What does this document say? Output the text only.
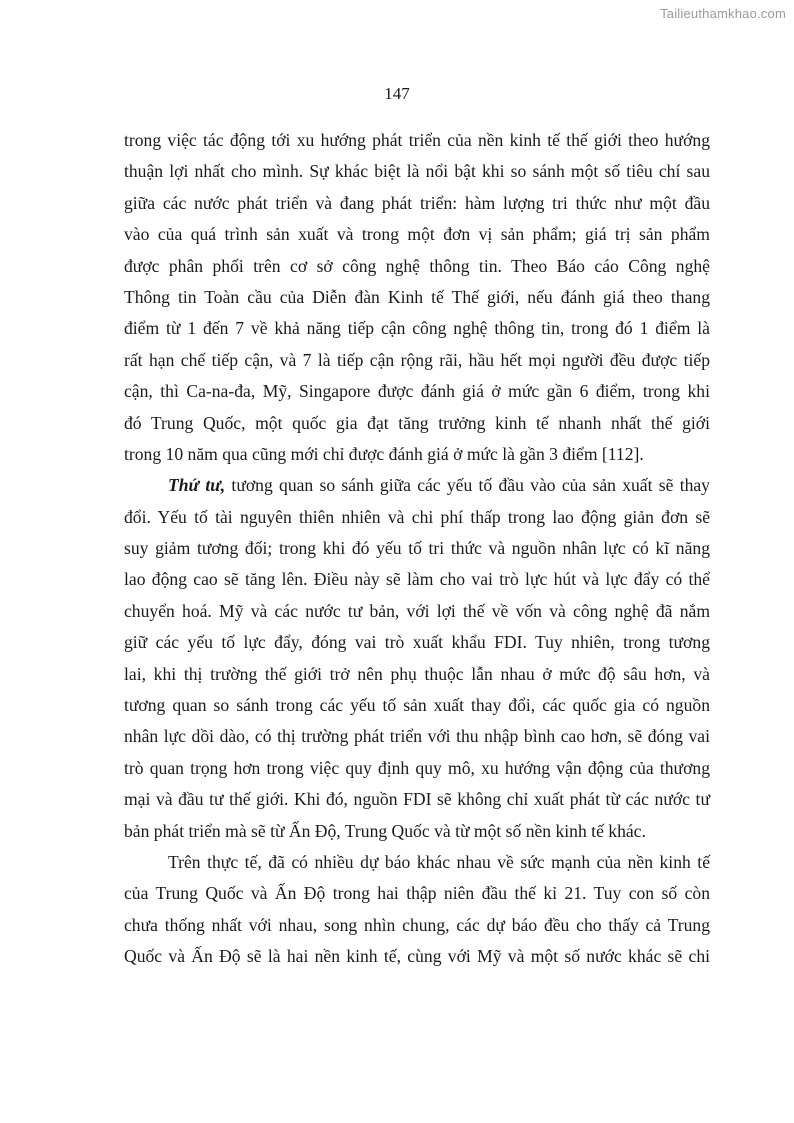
Tailieuthamkhao.com
147
trong việc tác động tới xu hướng phát triển của nền kinh tế thế giới theo hướng
thuận lợi nhất cho mình. Sự khác biệt là nổi bật khi so sánh một số tiêu chí sau
giữa các nước phát triển và đang phát triển: hàm lượng tri thức như một đầu
vào của quá trình sản xuất và trong một đơn vị sản phẩm; giá trị sản phẩm
được phân phối trên cơ sở công nghệ thông tin. Theo Báo cáo Công nghệ
Thông tin Toàn cầu của Diễn đàn Kinh tế Thế giới, nếu đánh giá theo thang
điểm từ 1 đến 7 về khả năng tiếp cận công nghệ thông tin, trong đó 1 điểm là
rất hạn chế tiếp cận, và 7 là tiếp cận rộng rãi, hầu hết mọi người đều được tiếp
cận, thì Ca-na-đa, Mỹ, Singapore được đánh giá ở mức gần 6 điểm, trong khi
đó Trung Quốc, một quốc gia đạt tăng trưởng kinh tế nhanh nhất thế giới
trong 10 năm qua cũng mới chỉ được đánh giá ở mức là gần 3 điểm [112].
Thứ tư, tương quan so sánh giữa các yếu tố đầu vào của sản xuất sẽ thay
đổi. Yếu tố tài nguyên thiên nhiên và chi phí thấp trong lao động giản đơn sẽ
suy giảm tương đối; trong khi đó yếu tố tri thức và nguồn nhân lực có kĩ năng
lao động cao sẽ tăng lên. Điều này sẽ làm cho vai trò lực hút và lực đẩy có thể
chuyển hoá. Mỹ và các nước tư bản, với lợi thế về vốn và công nghệ đã nắm
giữ các yếu tố lực đẩy, đóng vai trò xuất khẩu FDI. Tuy nhiên, trong tương
lai, khi thị trường thế giới trở nên phụ thuộc lẫn nhau ở mức độ sâu hơn, và
tương quan so sánh trong các yếu tố sản xuất thay đổi, các quốc gia có nguồn
nhân lực dồi dào, có thị trường phát triển với thu nhập bình cao hơn, sẽ đóng vai
trò quan trọng hơn trong việc quy định quy mô, xu hướng vận động của thương
mại và đầu tư thế giới. Khi đó, nguồn FDI sẽ không chỉ xuất phát từ các nước tư
bản phát triển mà sẽ từ Ấn Độ, Trung Quốc và từ một số nền kinh tế khác.
Trên thực tế, đã có nhiều dự báo khác nhau về sức mạnh của nền kinh tế
của Trung Quốc và Ấn Độ trong hai thập niên đầu thế kỉ 21. Tuy con số còn
chưa thống nhất với nhau, song nhìn chung, các dự báo đều cho thấy cả Trung
Quốc và Ấn Độ sẽ là hai nền kinh tế, cùng với Mỹ và một số nước khác sẽ chi
